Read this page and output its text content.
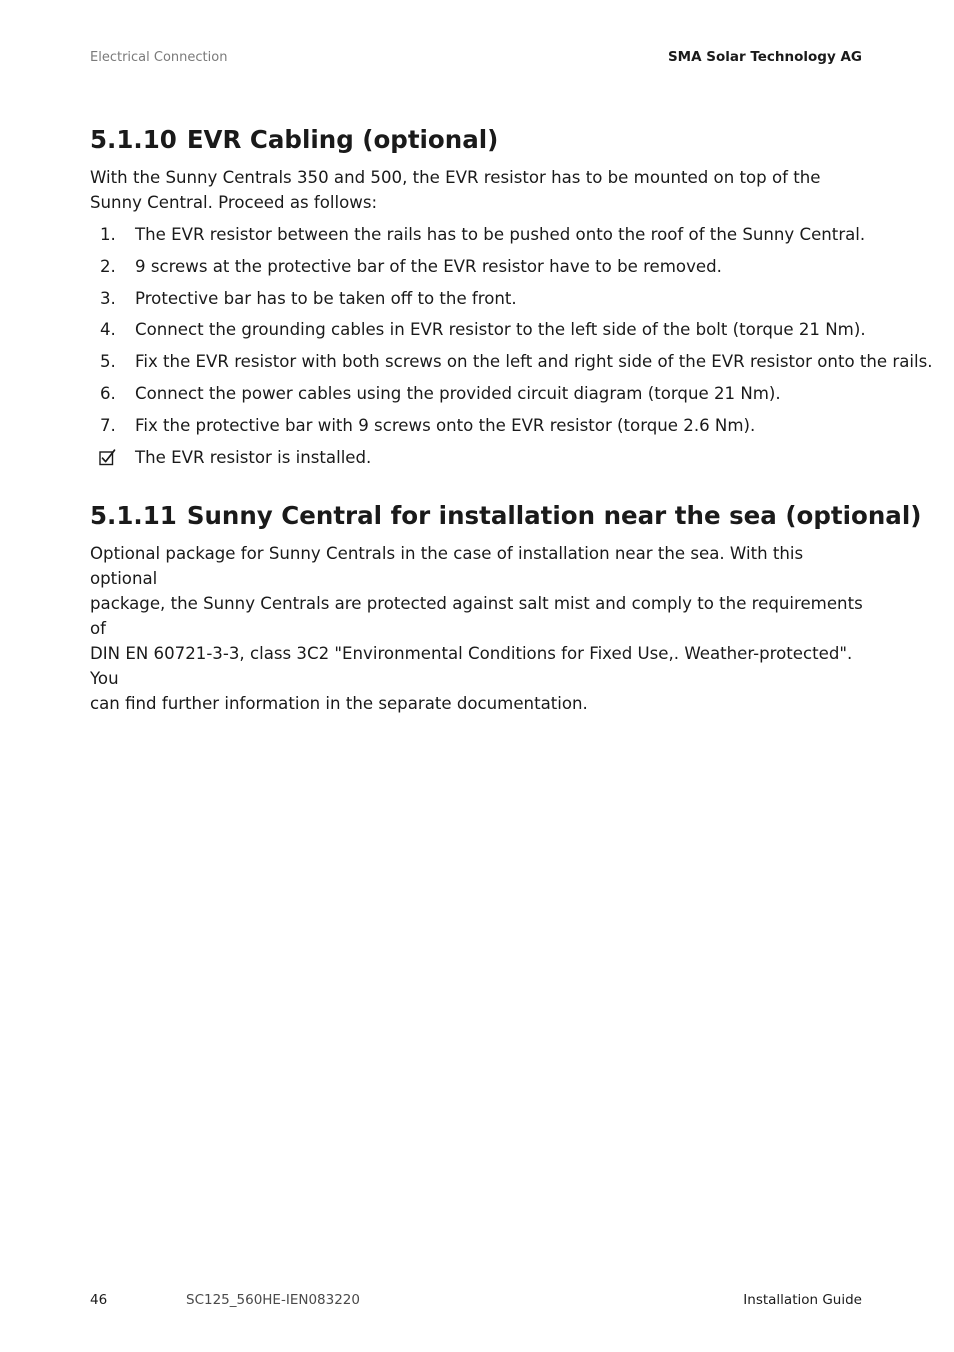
Electrical Connection	SMA Solar Technology AG
5.1.10 EVR Cabling (optional)

With the Sunny Centrals 350 and 500, the EVR resistor has to be mounted on top of the Sunny Central. Proceed as follows:

1. The EVR resistor between the rails has to be pushed onto the roof of the Sunny Central.
2. 9 screws at the protective bar of the EVR resistor have to be removed.
3. Protective bar has to be taken off to the front.
4. Connect the grounding cables in EVR resistor to the left side of the bolt (torque 21 Nm).
5. Fix the EVR resistor with both screws on the left and right side of the EVR resistor onto the rails.
6. Connect the power cables using the provided circuit diagram (torque 21 Nm).
7. Fix the protective bar with 9 screws onto the EVR resistor (torque 2.6 Nm).
The EVR resistor is installed.
5.1.11 Sunny Central for installation near the sea (optional)

Optional package for Sunny Centrals in the case of installation near the sea. With this optional
package, the Sunny Centrals are protected against salt mist and comply to the requirements of
DIN EN 60721-3-3, class 3C2 "Environmental Conditions for Fixed Use,. Weather-protected". You
can find further information in the separate documentation.

46	SC125_560HE-IEN083220	Installation Guide
